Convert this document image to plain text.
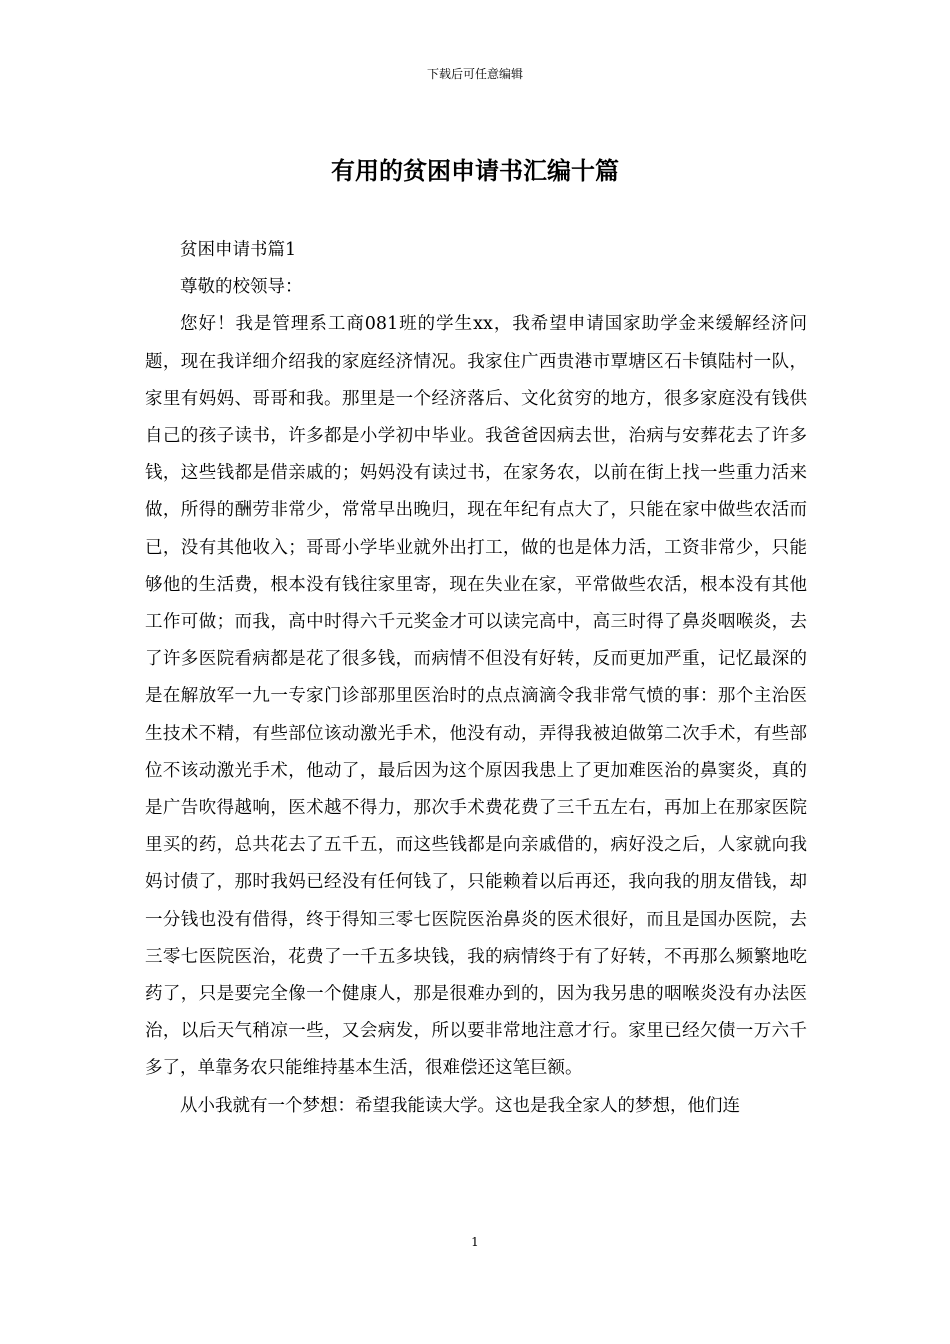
下载后可任意编辑
有用的贫困申请书汇编十篇

贫困申请书篇1

尊敬的校领导：

您好！我是管理系工商081班的学生xx，我希望申请国家助学金来缓解经济问题，现在我详细介绍我的家庭经济情况。我家住广西贵港市覃塘区石卡镇陆村一队，家里有妈妈、哥哥和我。那里是一个经济落后、文化贫穷的地方，很多家庭没有钱供自己的孩子读书，许多都是小学初中毕业。我爸爸因病去世，治病与安葬花去了许多钱，这些钱都是借亲戚的；妈妈没有读过书，在家务农，以前在街上找一些重力活来做，所得的酬劳非常少，常常早出晚归，现在年纪有点大了，只能在家中做些农活而已，没有其他收入；哥哥小学毕业就外出打工，做的也是体力活，工资非常少，只能够他的生活费，根本没有钱往家里寄，现在失业在家，平常做些农活，根本没有其他工作可做；而我，高中时得六千元奖金才可以读完高中，高三时得了鼻炎咽喉炎，去了许多医院看病都是花了很多钱，而病情不但没有好转，反而更加严重，记忆最深的是在解放军一九一专家门诊部那里医治时的点点滴滴令我非常气愤的事：那个主治医生技术不精，有些部位该动激光手术，他没有动，弄得我被迫做第二次手术，有些部位不该动激光手术，他动了，最后因为这个原因我患上了更加难医治的鼻窦炎，真的是广告吹得越响，医术越不得力，那次手术费花费了三千五左右，再加上在那家医院里买的药，总共花去了五千五，而这些钱都是向亲戚借的，病好没之后，人家就向我妈讨债了，那时我妈已经没有任何钱了，只能赖着以后再还，我向我的朋友借钱，却一分钱也没有借得，终于得知三零七医院医治鼻炎的医术很好，而且是国办医院，去三零七医院医治，花费了一千五多块钱，我的病情终于有了好转，不再那么频繁地吃药了，只是要完全像一个健康人，那是很难办到的，因为我另患的咽喉炎没有办法医治，以后天气稍凉一些，又会病发，所以要非常地注意才行。家里已经欠债一万六千多了，单靠务农只能维持基本生活，很难偿还这笔巨额。

从小我就有一个梦想：希望我能读大学。这也是我全家人的梦想，他们连

1
